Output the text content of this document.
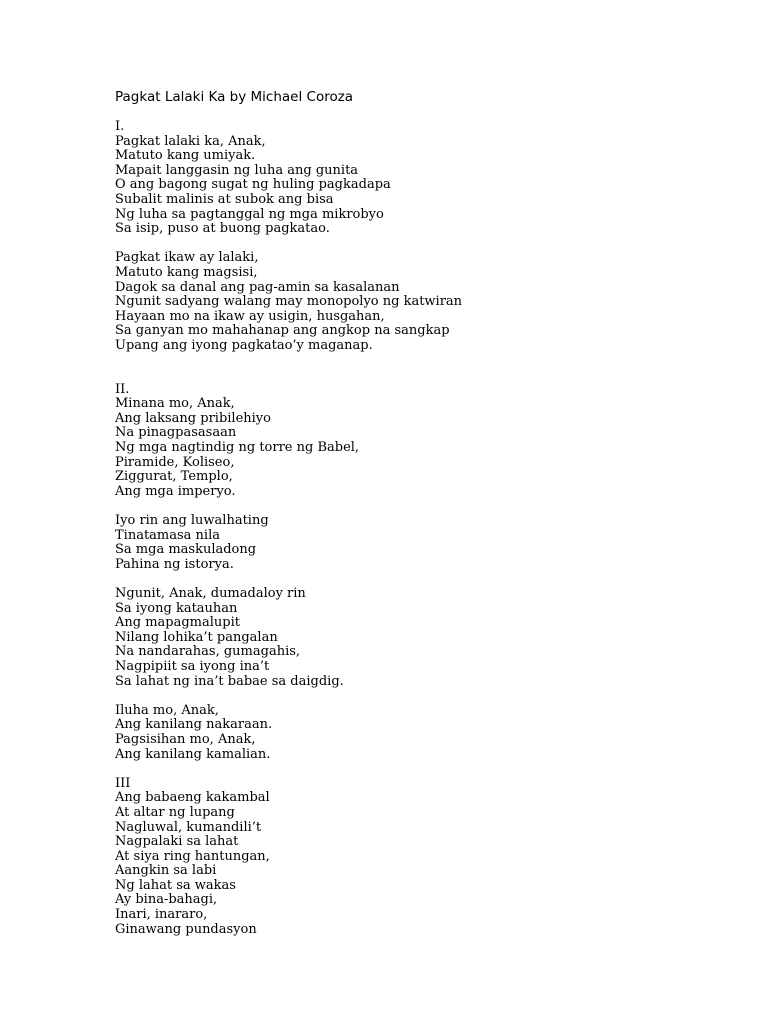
Pagkat Lalaki Ka by Michael Coroza
I.
Pagkat lalaki ka, Anak,
Matuto kang umiyak.
Mapait langgasin ng luha ang gunita
O ang bagong sugat ng huling pagkadapa
Subalit malinis at subok ang bisa
Ng luha sa pagtanggal ng mga mikrobyo
Sa isip, puso at buong pagkatao.
Pagkat ikaw ay lalaki,
Matuto kang magsisi,
Dagok sa danal ang pag-amin sa kasalanan
Ngunit sadyang walang may monopolyo ng katwiran
Hayaan mo na ikaw ay usigin, husgahan,
Sa ganyan mo mahahanap ang angkop na sangkap
Upang ang iyong pagkatao’y maganap.
II.
Minana mo, Anak,
Ang laksang pribilehiyo
Na pinagpasasaan
Ng mga nagtindig ng torre ng Babel,
Piramide, Koliseo,
Ziggurat, Templo,
Ang mga imperyo.
Iyo rin ang luwalhating
Tinatamasa nila
Sa mga maskuladong
Pahina ng istorya.
Ngunit, Anak, dumadaloy rin
Sa iyong katauhan
Ang mapagmalupit
Nilang lohika’t pangalan
Na nandarahas, gumagahis,
Nagpipiit sa iyong ina’t
Sa lahat ng ina’t babae sa daigdig.
Iluha mo, Anak,
Ang kanilang nakaraan.
Pagsisihan mo, Anak,
Ang kanilang kamalian.
III
Ang babaeng kakambal
At altar ng lupang
Nagluwal, kumandili’t
Nagpalaki sa lahat
At siya ring hantungan,
Aangkin sa labi
Ng lahat sa wakas
Ay bina-bahagi,
Inari, inararo,
Ginawang pundasyon
